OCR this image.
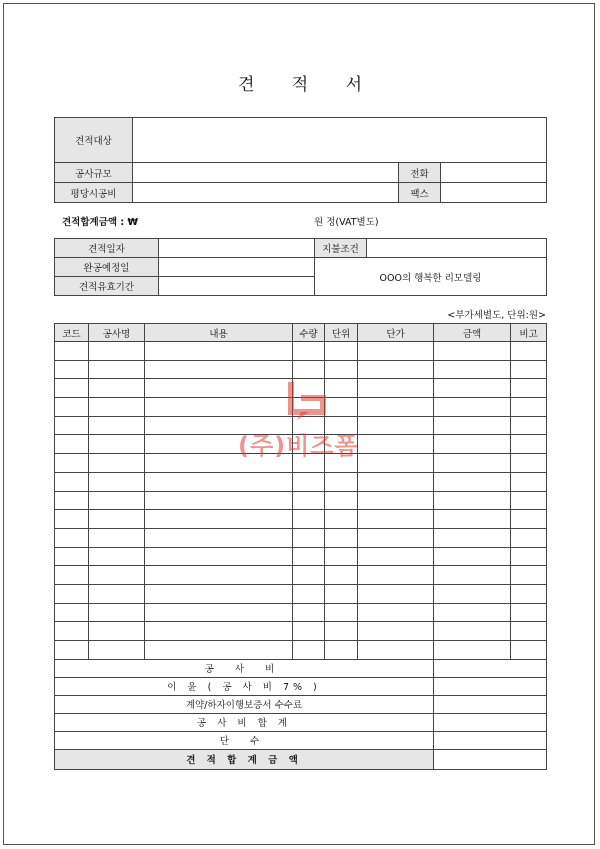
견 적 서
견적대상			
공사규모		전화	
평당시공비		팩스	
견적합계금액 : ₩	원 정(VAT별도)
견적일자		지불조건	
완공예정일		OOO의 행복한 리모델링	
견적유효기간			
<부가세별도, 단위:원>
코드	공사명	내용	수량	단위	단가	금액	비고

공 사 비							
이 윤 ( 공 사 비 7% )							
계약/하자이행보증서 수수료							
공 사 비 합 계							
단 수							
견 적 합 계 금 액							
(주)비즈폼
